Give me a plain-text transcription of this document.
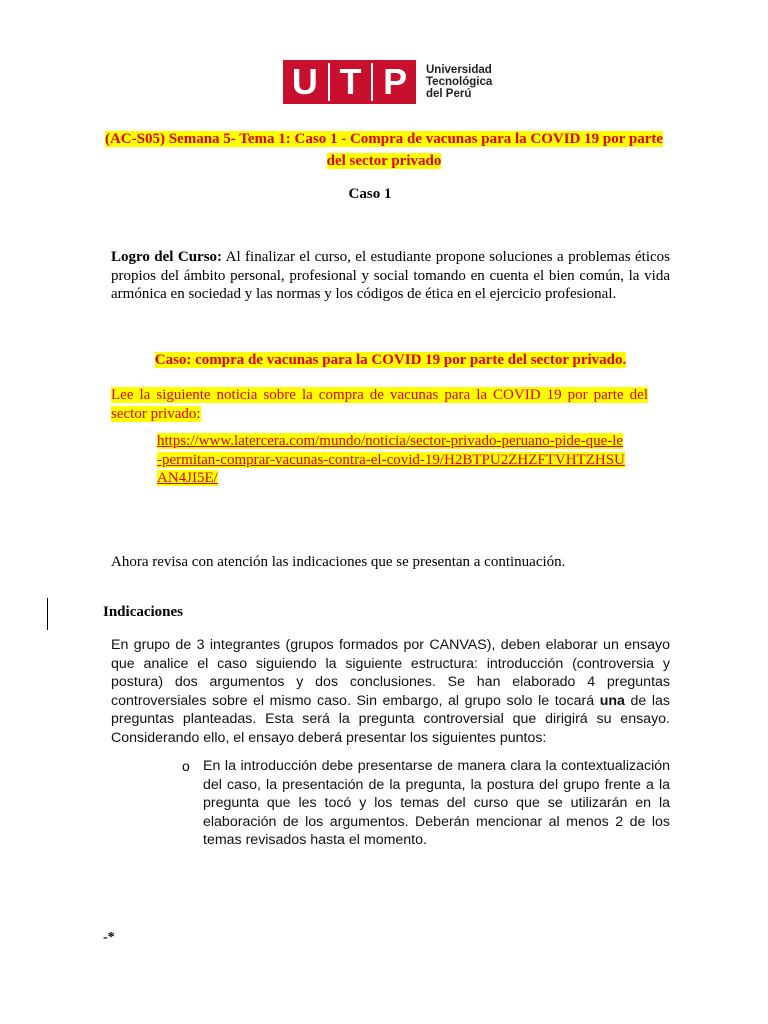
U T P Universidad
Tecnológica
del Perú
(AC-S05) Semana 5- Tema 1: Caso 1 - Compra de vacunas para la COVID 19 por parte del sector privado
Caso 1
Logro del Curso: Al finalizar el curso, el estudiante propone soluciones a problemas éticos propios del ámbito personal, profesional y social tomando en cuenta el bien común, la vida armónica en sociedad y las normas y los códigos de ética en el ejercicio profesional.
Caso: compra de vacunas para la COVID 19 por parte del sector privado.
Lee la siguiente noticia sobre la compra de vacunas para la COVID 19 por parte del sector privado:
https://www.latercera.com/mundo/noticia/sector-privado-peruano-pide-que-le-permitan-comprar-vacunas-contra-el-covid-19/H2BTPU2ZHZFTVHTZHSUAN4JI5E/
Ahora revisa con atención las indicaciones que se presentan a continuación.
Indicaciones
En grupo de 3 integrantes (grupos formados por CANVAS), deben elaborar un ensayo que analice el caso siguiendo la siguiente estructura: introducción (controversia y postura) dos argumentos y dos conclusiones. Se han elaborado 4 preguntas controversiales sobre el mismo caso. Sin embargo, al grupo solo le tocará una de las preguntas planteadas. Esta será la pregunta controversial que dirigirá su ensayo. Considerando ello, el ensayo deberá presentar los siguientes puntos:
o En la introducción debe presentarse de manera clara la contextualización del caso, la presentación de la pregunta, la postura del grupo frente a la pregunta que les tocó y los temas del curso que se utilizarán en la elaboración de los argumentos. Deberán mencionar al menos 2 de los temas revisados hasta el momento.
-*
